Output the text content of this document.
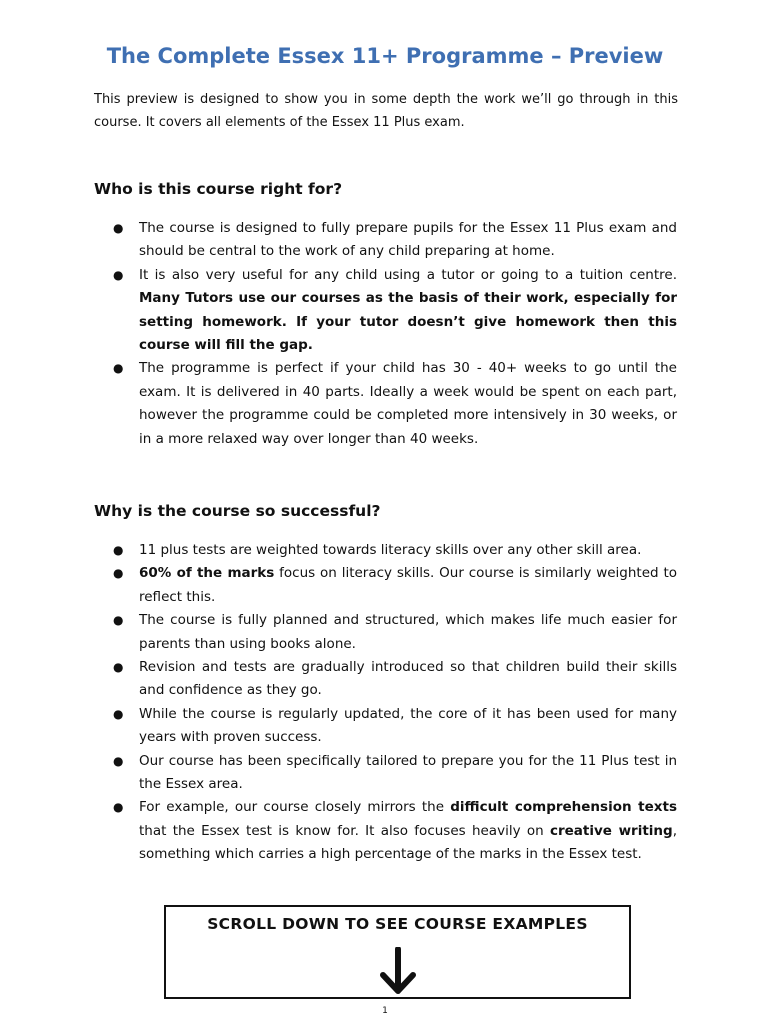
The Complete Essex 11+ Programme – Preview

This preview is designed to show you in some depth the work we’ll go through in this course. It covers all elements of the Essex 11 Plus exam.

Who is this course right for?
● The course is designed to fully prepare pupils for the Essex 11 Plus exam and should be central to the work of any child preparing at home.
● It is also very useful for any child using a tutor or going to a tuition centre. Many Tutors use our courses as the basis of their work, especially for setting homework. If your tutor doesn’t give homework then this course will fill the gap.
● The programme is perfect if your child has 30 - 40+ weeks to go until the exam. It is delivered in 40 parts. Ideally a week would be spent on each part, however the programme could be completed more intensively in 30 weeks, or in a more relaxed way over longer than 40 weeks.
Why is the course so successful?
● 11 plus tests are weighted towards literacy skills over any other skill area.
● 60% of the marks focus on literacy skills. Our course is similarly weighted to reflect this.
● The course is fully planned and structured, which makes life much easier for parents than using books alone.
● Revision and tests are gradually introduced so that children build their skills and confidence as they go.
● While the course is regularly updated, the core of it has been used for many years with proven success.
● Our course has been specifically tailored to prepare you for the 11 Plus test in the Essex area.
● For example, our course closely mirrors the difficult comprehension texts that the Essex test is know for. It also focuses heavily on creative writing, something which carries a high percentage of the marks in the Essex test.
SCROLL DOWN TO SEE COURSE EXAMPLES
1
